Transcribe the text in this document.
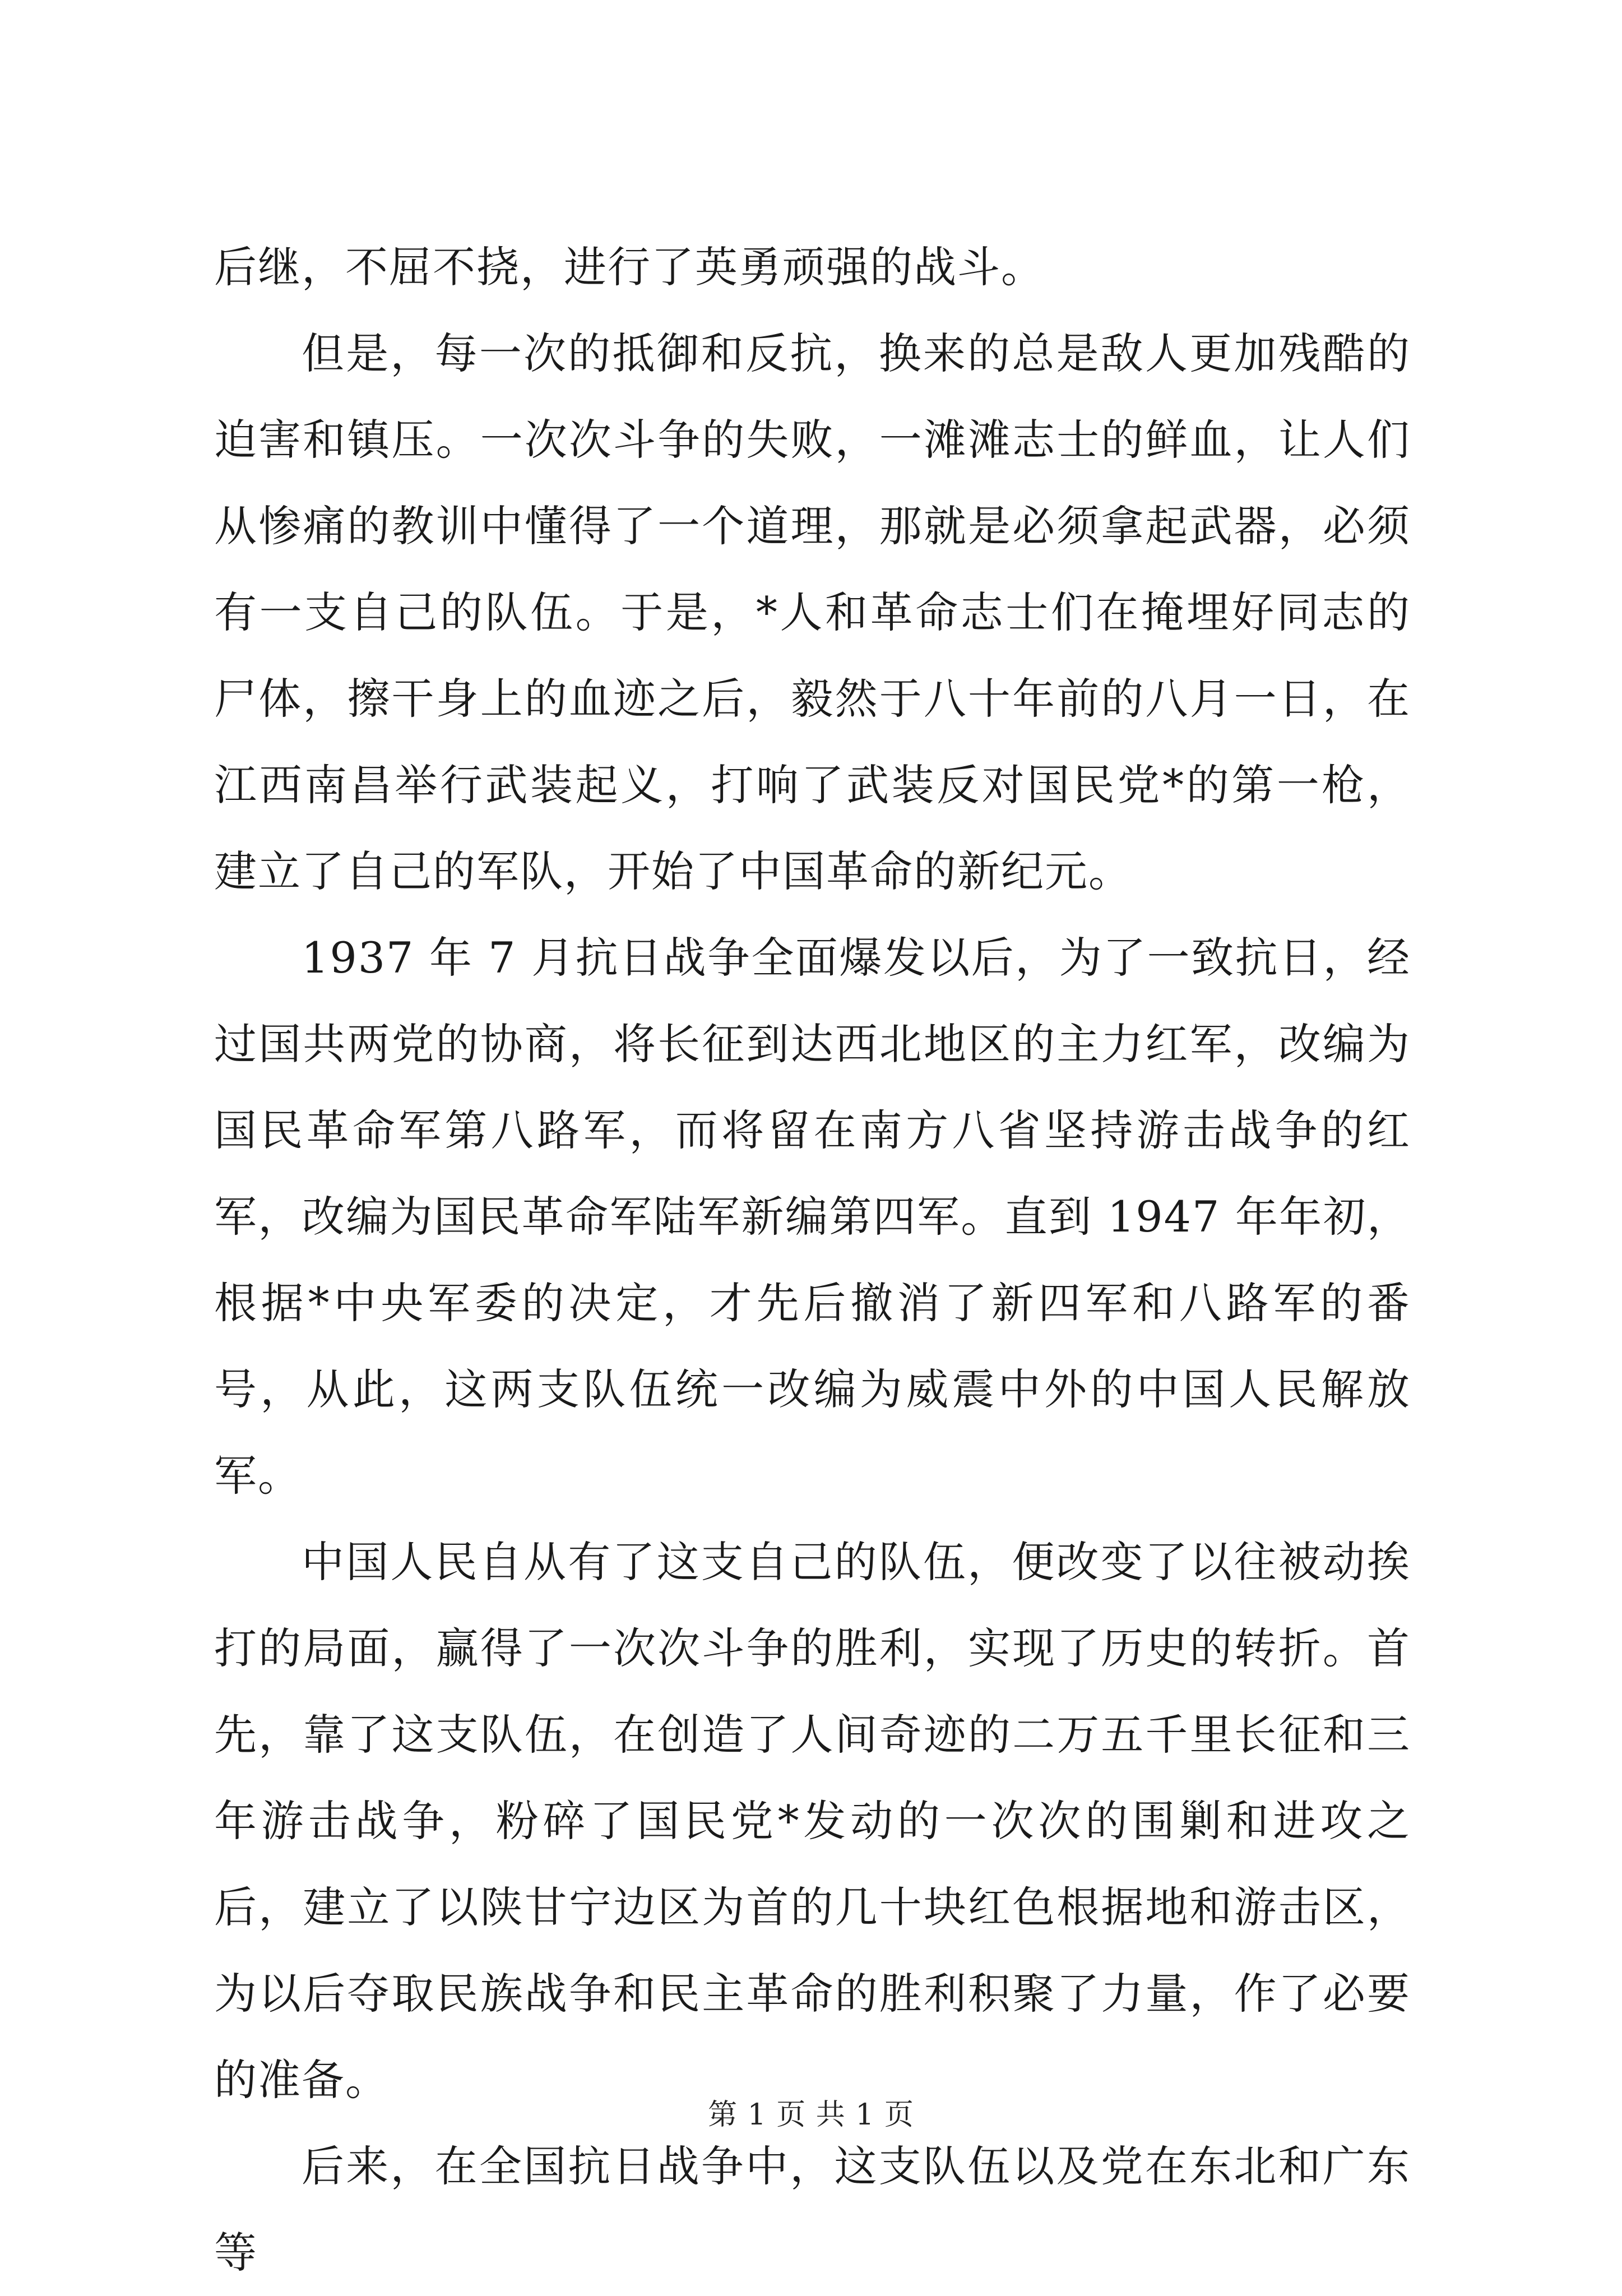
后继，不屈不挠，进行了英勇顽强的战斗。

但是，每一次的抵御和反抗，换来的总是敌人更加残酷的迫害和镇压。一次次斗争的失败，一滩滩志士的鲜血，让人们从惨痛的教训中懂得了一个道理，那就是必须拿起武器，必须有一支自己的队伍。于是，*人和革命志士们在掩埋好同志的尸体，擦干身上的血迹之后，毅然于八十年前的八月一日，在江西南昌举行武装起义，打响了武装反对国民党*的第一枪，建立了自己的军队，开始了中国革命的新纪元。

1937 年 7 月抗日战争全面爆发以后，为了一致抗日，经过国共两党的协商，将长征到达西北地区的主力红军，改编为国民革命军第八路军，而将留在南方八省坚持游击战争的红军，改编为国民革命军陆军新编第四军。直到 1947 年年初，根据*中央军委的决定，才先后撤消了新四军和八路军的番号，从此，这两支队伍统一改编为威震中外的中国人民解放军。

中国人民自从有了这支自己的队伍，便改变了以往被动挨打的局面，赢得了一次次斗争的胜利，实现了历史的转折。首先，靠了这支队伍，在创造了人间奇迹的二万五千里长征和三年游击战争，粉碎了国民党*发动的一次次的围剿和进攻之后，建立了以陕甘宁边区为首的几十块红色根据地和游击区，为以后夺取民族战争和民主革命的胜利积聚了力量，作了必要的准备。

后来，在全国抗日战争中，这支队伍以及党在东北和广东等

第 1 页 共 1 页
